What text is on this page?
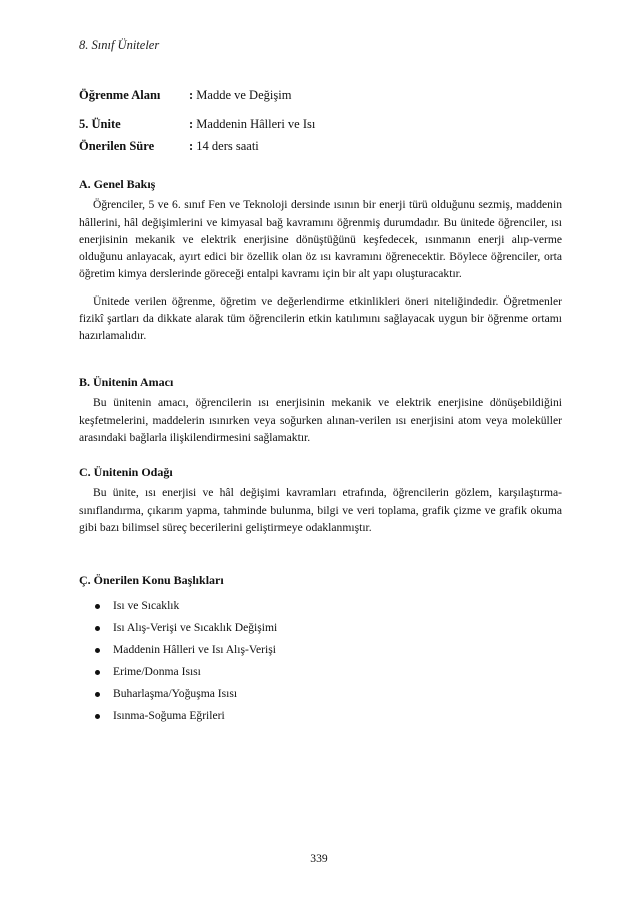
8. Sınıf Üniteler
Öğrenme Alanı : Madde ve Değişim
5. Ünite	: Maddenin Hâlleri ve Isı
Önerilen Süre	: 14 ders saati
A. Genel Bakış

Öğrenciler, 5 ve 6. sınıf Fen ve Teknoloji dersinde ısının bir enerji türü olduğunu sezmiş, maddenin hâllerini, hâl değişimlerini ve kimyasal bağ kavramını öğrenmiş durumdadır. Bu ünitede öğrenciler, ısı enerjisinin mekanik ve elektrik enerjisine dönüştüğünü keşfedecek, ısınmanın enerji alıp-verme olduğunu anlayacak, ayırt edici bir özellik olan öz ısı kavramını öğrenecektir. Böylece öğrenciler, orta öğretim kimya derslerinde göreceği entalpi kavramı için bir alt yapı oluşturacaktır.

Ünitede verilen öğrenme, öğretim ve değerlendirme etkinlikleri öneri niteliğindedir. Öğretmenler fizikî şartları da dikkate alarak tüm öğrencilerin etkin katılımını sağlayacak uygun bir öğrenme ortamı hazırlamalıdır.

B. Ünitenin Amacı

Bu ünitenin amacı, öğrencilerin ısı enerjisinin mekanik ve elektrik enerjisine dönüşebildiğini keşfetmelerini, maddelerin ısınırken veya soğurken alınan-verilen ısı enerjisini atom veya moleküller arasındaki bağlarla ilişkilendirmesini sağlamaktır.

C. Ünitenin Odağı

Bu ünite, ısı enerjisi ve hâl değişimi kavramları etrafında, öğrencilerin gözlem, karşılaştırma-sınıflandırma, çıkarım yapma, tahminde bulunma, bilgi ve veri toplama, grafik çizme ve grafik okuma gibi bazı bilimsel süreç becerilerini geliştirmeye odaklanmıştır.

Ç. Önerilen Konu Başlıkları
Isı ve Sıcaklık
Isı Alış-Verişi ve Sıcaklık Değişimi
Maddenin Hâlleri ve Isı Alış-Verişi
Erime/Donma Isısı
Buharlaşma/Yoğuşma Isısı
Isınma-Soğuma Eğrileri
339
